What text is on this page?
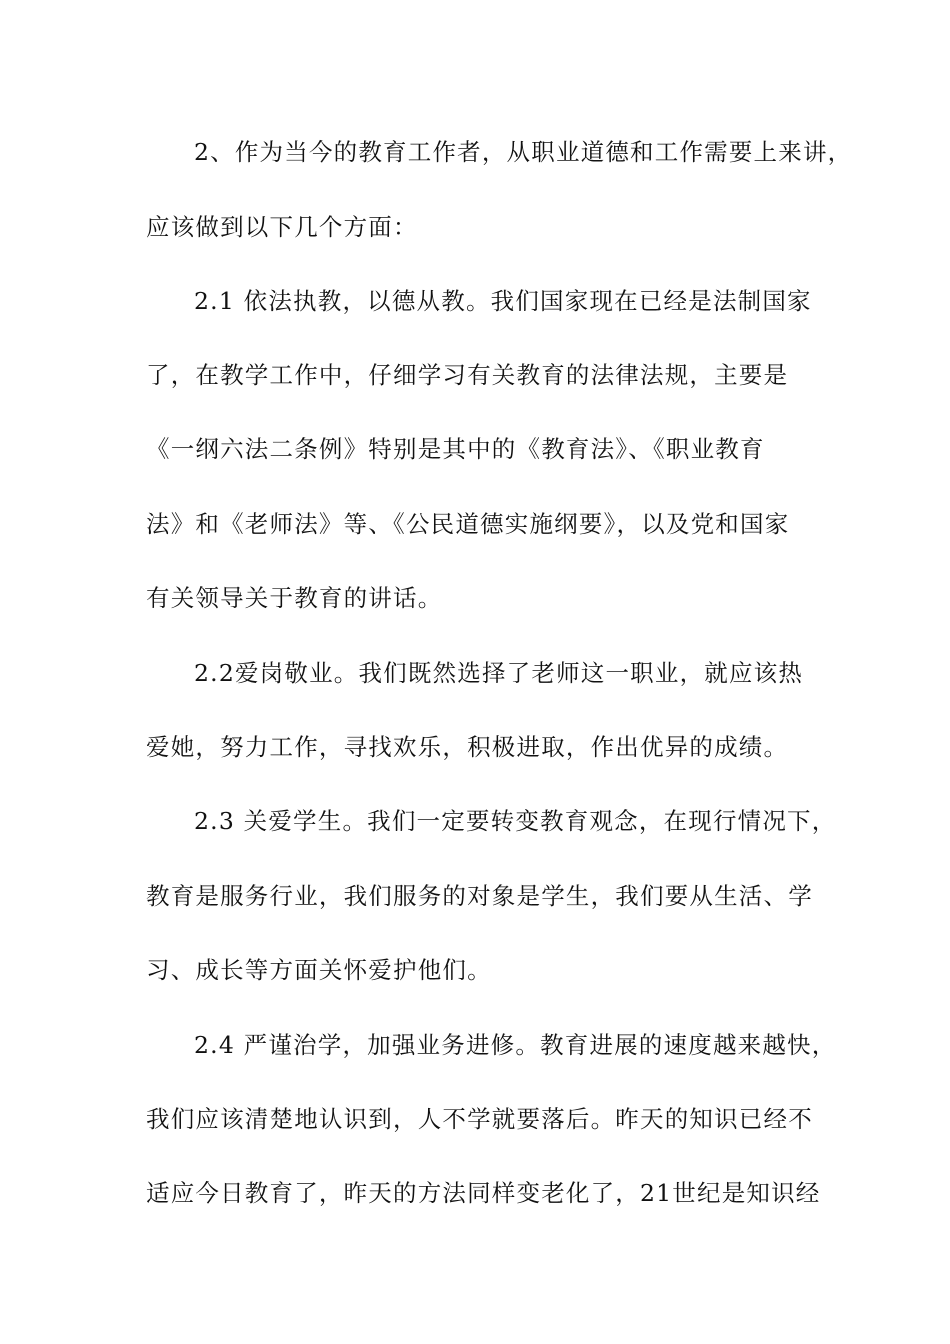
2、作为当今的教育工作者，从职业道德和工作需要上来讲，
应该做到以下几个方面：
2.1 依法执教，以德从教。我们国家现在已经是法制国家
了，在教学工作中，仔细学习有关教育的法律法规，主要是
《一纲六法二条例》特别是其中的《教育法》、《职业教育
法》和《老师法》等、《公民道德实施纲要》，以及党和国家
有关领导关于教育的讲话。
2.2爱岗敬业。我们既然选择了老师这一职业，就应该热
爱她，努力工作，寻找欢乐，积极进取，作出优异的成绩。
2.3 关爱学生。我们一定要转变教育观念，在现行情况下，
教育是服务行业，我们服务的对象是学生，我们要从生活、学
习、成长等方面关怀爱护他们。
2.4 严谨治学，加强业务进修。教育进展的速度越来越快，
我们应该清楚地认识到，人不学就要落后。昨天的知识已经不
适应今日教育了，昨天的方法同样变老化了，21世纪是知识经
